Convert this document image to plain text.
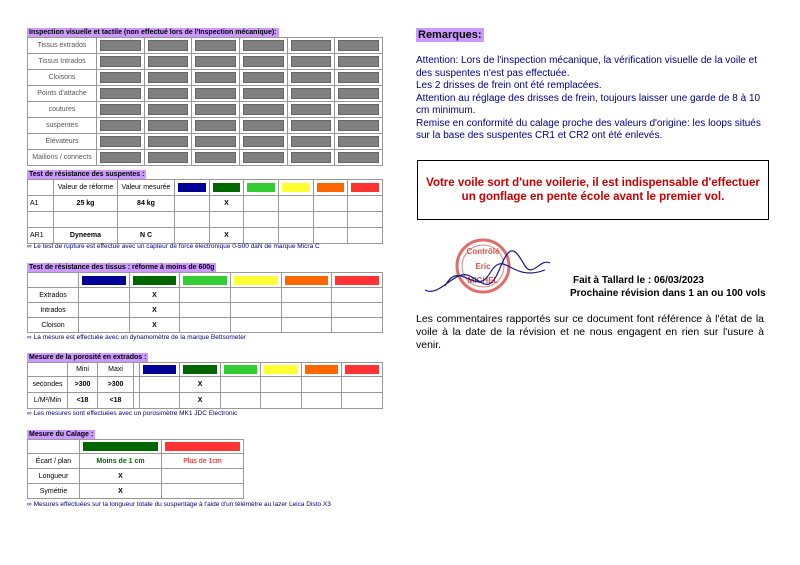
Inspection visuelle et tactile (non effectué lors de l'Inspection mécanique):
Tissus extrados	

Tissus Intrados	

Cloisons	

Points d'attache	

coutures	

suspentes	

Élévateurs	

Mailions / connects	

Test de résistance des suspentes :
	Valeur de réforme	Valeur mesurée	

A1	25 kg	84 kg		X				

AR1	Dyneema	N C		X				
∞ Le test de rupture est effectué avec un capteur de force électronique 0-500 daN de marque Micra C
Test de résistance des tissus : réforme à moins de 600g

Extrados		X				
Intrados		X				
Cloison		X				
∞ La mesure est effectuée avec un dynamomètre de la marque Bettsometer
Mesure de la porosité en extrados :
	Mini	Maxi		

secondes	>300	>300			X				
L/M²/Min	<18	<18			X				
∞ Les mesures sont effectuées avec un porosimètre MK1 JDC Electronic
Mesure du Calage :

Écart / plan	Moins de 1 cm	Plus de 1cm
Longueur	X	
Symétrie	X	
∞ Mesures effectuées sur la longueur totale du suspentage à l'aide d'un télémètre au lazer Leica Disto X3
Remarques:

Attention: Lors de l'inspection mécanique, la vérification visuelle de la voile et des suspentes n'est pas effectuée.

Les 2 drisses de frein ont été remplacées.

Attention au réglage des drisses de frein, toujours laisser une garde de 8 à 10 cm minimum.

Remise en conformité du calage proche des valeurs d'origine: les loops situés sur la base des suspentes CR1 et CR2 ont été enlevés.

Votre voile sort d'une voilerie, il est indispensable d'effectuer un gonflage en pente école avant le premier vol.
Contrôlé
Eric
MICHEL	Fait à Tallard le : 06/03/2023
Prochaine révision dans 1 an ou 100 vols
Les commentaires rapportés sur ce document font référence à l'état de la voile à la date de la révision et ne nous engagent en rien sur l'usure à venir.
